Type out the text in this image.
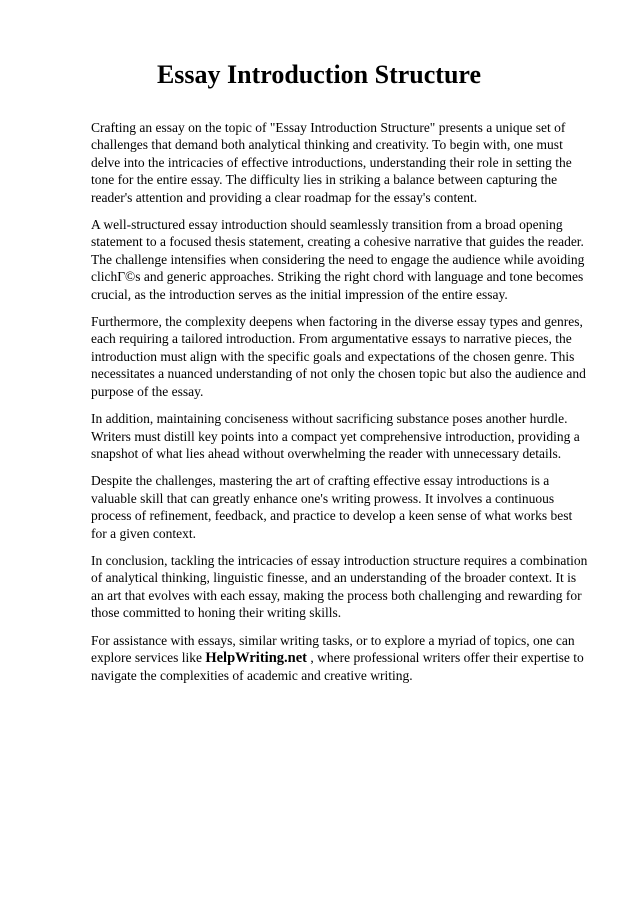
Essay Introduction Structure

Crafting an essay on the topic of "Essay Introduction Structure" presents a unique set of challenges that demand both analytical thinking and creativity. To begin with, one must delve into the intricacies of effective introductions, understanding their role in setting the tone for the entire essay. The difficulty lies in striking a balance between capturing the reader's attention and providing a clear roadmap for the essay's content.

A well-structured essay introduction should seamlessly transition from a broad opening statement to a focused thesis statement, creating a cohesive narrative that guides the reader. The challenge intensifies when considering the need to engage the audience while avoiding clichГ©s and generic approaches. Striking the right chord with language and tone becomes crucial, as the introduction serves as the initial impression of the entire essay.

Furthermore, the complexity deepens when factoring in the diverse essay types and genres, each requiring a tailored introduction. From argumentative essays to narrative pieces, the introduction must align with the specific goals and expectations of the chosen genre. This necessitates a nuanced understanding of not only the chosen topic but also the audience and purpose of the essay.

In addition, maintaining conciseness without sacrificing substance poses another hurdle. Writers must distill key points into a compact yet comprehensive introduction, providing a snapshot of what lies ahead without overwhelming the reader with unnecessary details.

Despite the challenges, mastering the art of crafting effective essay introductions is a valuable skill that can greatly enhance one's writing prowess. It involves a continuous process of refinement, feedback, and practice to develop a keen sense of what works best for a given context.

In conclusion, tackling the intricacies of essay introduction structure requires a combination of analytical thinking, linguistic finesse, and an understanding of the broader context. It is an art that evolves with each essay, making the process both challenging and rewarding for those committed to honing their writing skills.

For assistance with essays, similar writing tasks, or to explore a myriad of topics, one can explore services like HelpWriting.net , where professional writers offer their expertise to navigate the complexities of academic and creative writing.
